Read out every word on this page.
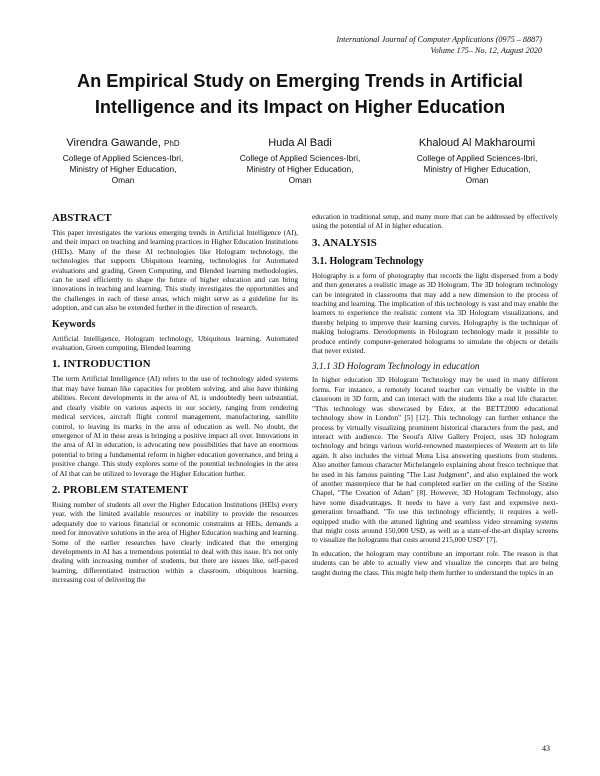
International Journal of Computer Applications (0975 – 8887)
Volume 175– No. 12, August 2020
An Empirical Study on Emerging Trends in Artificial
Intelligence and its Impact on Higher Education
Virendra Gawande, PhD
College of Applied Sciences-Ibri,
Ministry of Higher Education,
Oman
Huda Al Badi
College of Applied Sciences-Ibri,
Ministry of Higher Education,
Oman
Khaloud Al Makharoumi
College of Applied Sciences-Ibri,
Ministry of Higher Education,
Oman
ABSTRACT

This paper investigates the various emerging trends in Artificial Intelligence (AI), and their impact on teaching and learning practices in Higher Education Institutions (HEIs). Many of the these AI technologies like Hologram technology, the technologies that supports Ubiquitous learning, technologies for Automated evaluations and grading, Green Computing, and Blended learning methodologies, can be used efficiently to shape the future of higher education and can bring innovations in teaching and learning. This study investigates the opportunities and the challenges in each of these areas, which might serve as a guideline for its adoption, and can also be extended further in the direction of research.

Keywords

Artificial Intelligence, Hologram technology, Ubiquitous learning, Automated evaluation, Green computing, Blended learning

1. INTRODUCTION

The term Artificial Intelligence (AI) refers to the use of technology aided systems that may have human like capacities for problem solving, and also have thinking abilities. Recent developments in the area of AI, is undoubtedly been substantial, and clearly visible on various aspects in our society, ranging from rendering medical services, aircraft flight control management, manufacturing, satellite control, to leaving its marks in the area of education as well. No doubt, the emergence of AI in these areas is bringing a positive impact all over. Innovations in the area of AI in education, is advocating new possibilities that have an enormous potential to bring a fundamental reform in higher education governance, and bring a positive change. This study explores some of the potential technologies in the area of AI that can be utilized to leverage the Higher Education further.

2. PROBLEM STATEMENT

Rising number of students all over the Higher Education Institutions (HEIs) every year, with the limited available resources or inability to provide the resources adequately due to various financial or economic constraints at HEIs, demands a need for innovative solutions in the area of Higher Education teaching and learning. Some of the earlier researches have clearly indicated that the emerging developments in AI has a tremendous potential to deal with this issue. It's not only dealing with increasing number of students, but there are issues like, self-paced learning, differentiated instruction within a classroom, ubiquitous learning, increasing cost of delivering the

education in traditional setup, and many more that can be addressed by effectively using the potential of AI in higher education.

3. ANALYSIS
3.1. Hologram Technology

Holography is a form of photography that records the light dispersed from a body and then generates a realistic image as 3D Hologram. The 3D hologram technology can be integrated in classrooms that may add a new dimension to the process of teaching and learning. The implication of this technology is vast and may enable the learners to experience the realistic content via 3D Hologram visualizations, and thereby helping to improve their learning curves. Holography is the technique of making holograms. Developments in Hologram technology made it possible to produce entirely computer-generated holograms to simulate the objects or details that never existed.

3.1.1 3D Hologram Technology in education

In higher education 3D Hologram Technology may be used in many different forms. For instance, a remotely located teacher can virtually be visible in the classroom in 3D form, and can interact with the students like a real life character. "This technology was showcased by Edex, at the BETT2000 educational technology show in London" [5] [12]. This technology can further enhance the process by virtually visualizing prominent historical characters from the past, and interact with audience. The Seoul's Alive Gallery Project, uses 3D hologram technology and brings various world-renowned masterpieces of Western art to life again. It also includes the virtual Mona Lisa answering questions from students. Also another famous character Michelangelo explaining about fresco technique that he used in his famous painting "The Last Judgment", and also explained the work of another masterpiece that he had completed earlier on the ceiling of the Sistine Chapel, "The Creation of Adam" [8]. However, 3D Hologram Technology, also have some disadvantages. It needs to have a very fast and expensive next-generation broadband. "To use this technology efficiently, it requires a well-equipped studio with the attuned lighting and seamless video streaming systems that might costs around 150,000 USD, as well as a state-of-the-art display screens to visualize the holograms that costs around 215,000 USD" [7].

In education, the hologram may contribute an important role. The reason is that students can be able to actually view and visualize the concepts that are being taught during the class. This might help them further to understand the topics in an

43
